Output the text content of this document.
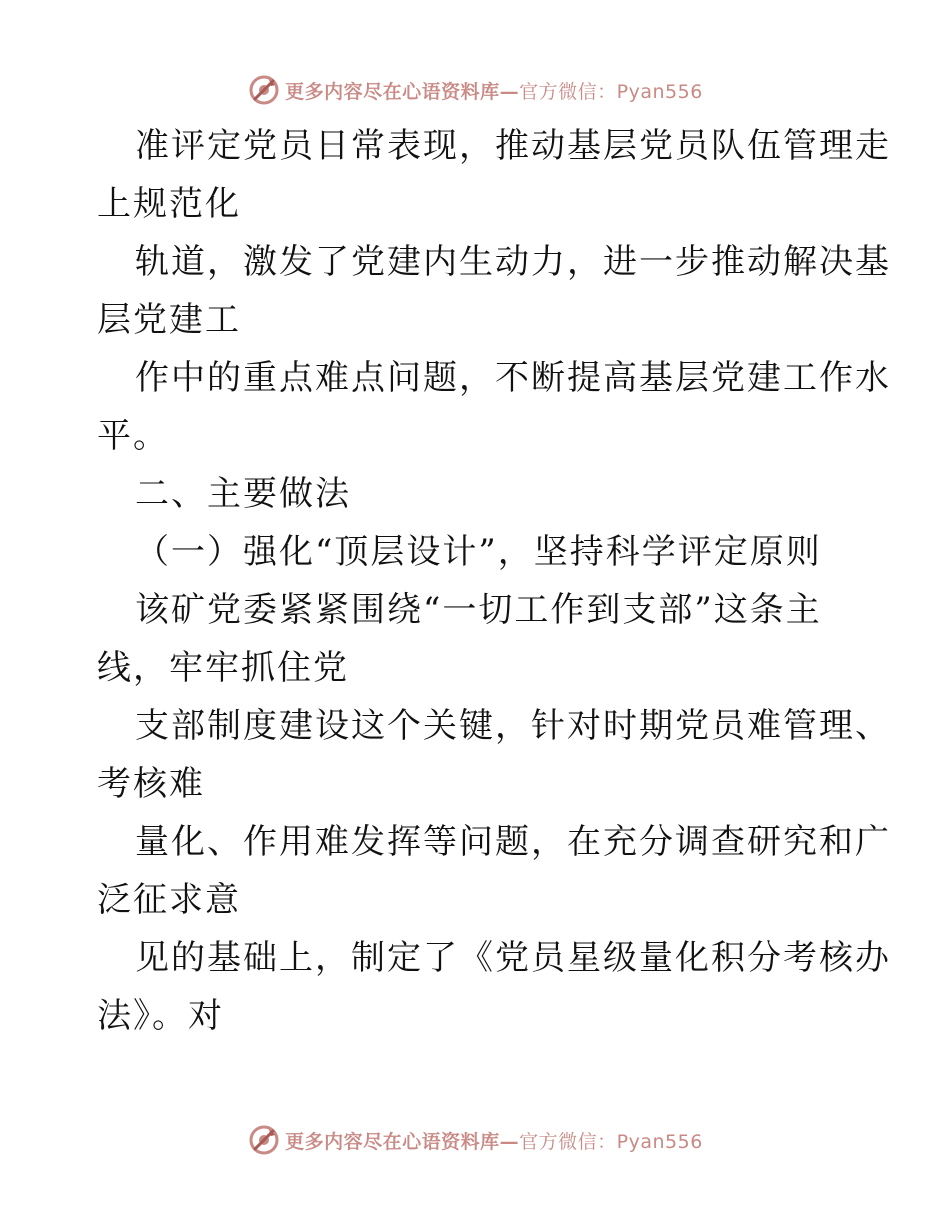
更多内容尽在心语资料库—官方微信：Pyan556
准评定党员日常表现，推动基层党员队伍管理走
上规范化
轨道，激发了党建内生动力，进一步推动解决基
层党建工
作中的重点难点问题，不断提高基层党建工作水
平。
二、主要做法
（一）强化“顶层设计”，坚持科学评定原则
该矿党委紧紧围绕“一切工作到支部”这条主
线，牢牢抓住党
支部制度建设这个关键，针对时期党员难管理、
考核难
量化、作用难发挥等问题，在充分调查研究和广
泛征求意
见的基础上，制定了《党员星级量化积分考核办
法》。对
更多内容尽在心语资料库—官方微信：Pyan556
